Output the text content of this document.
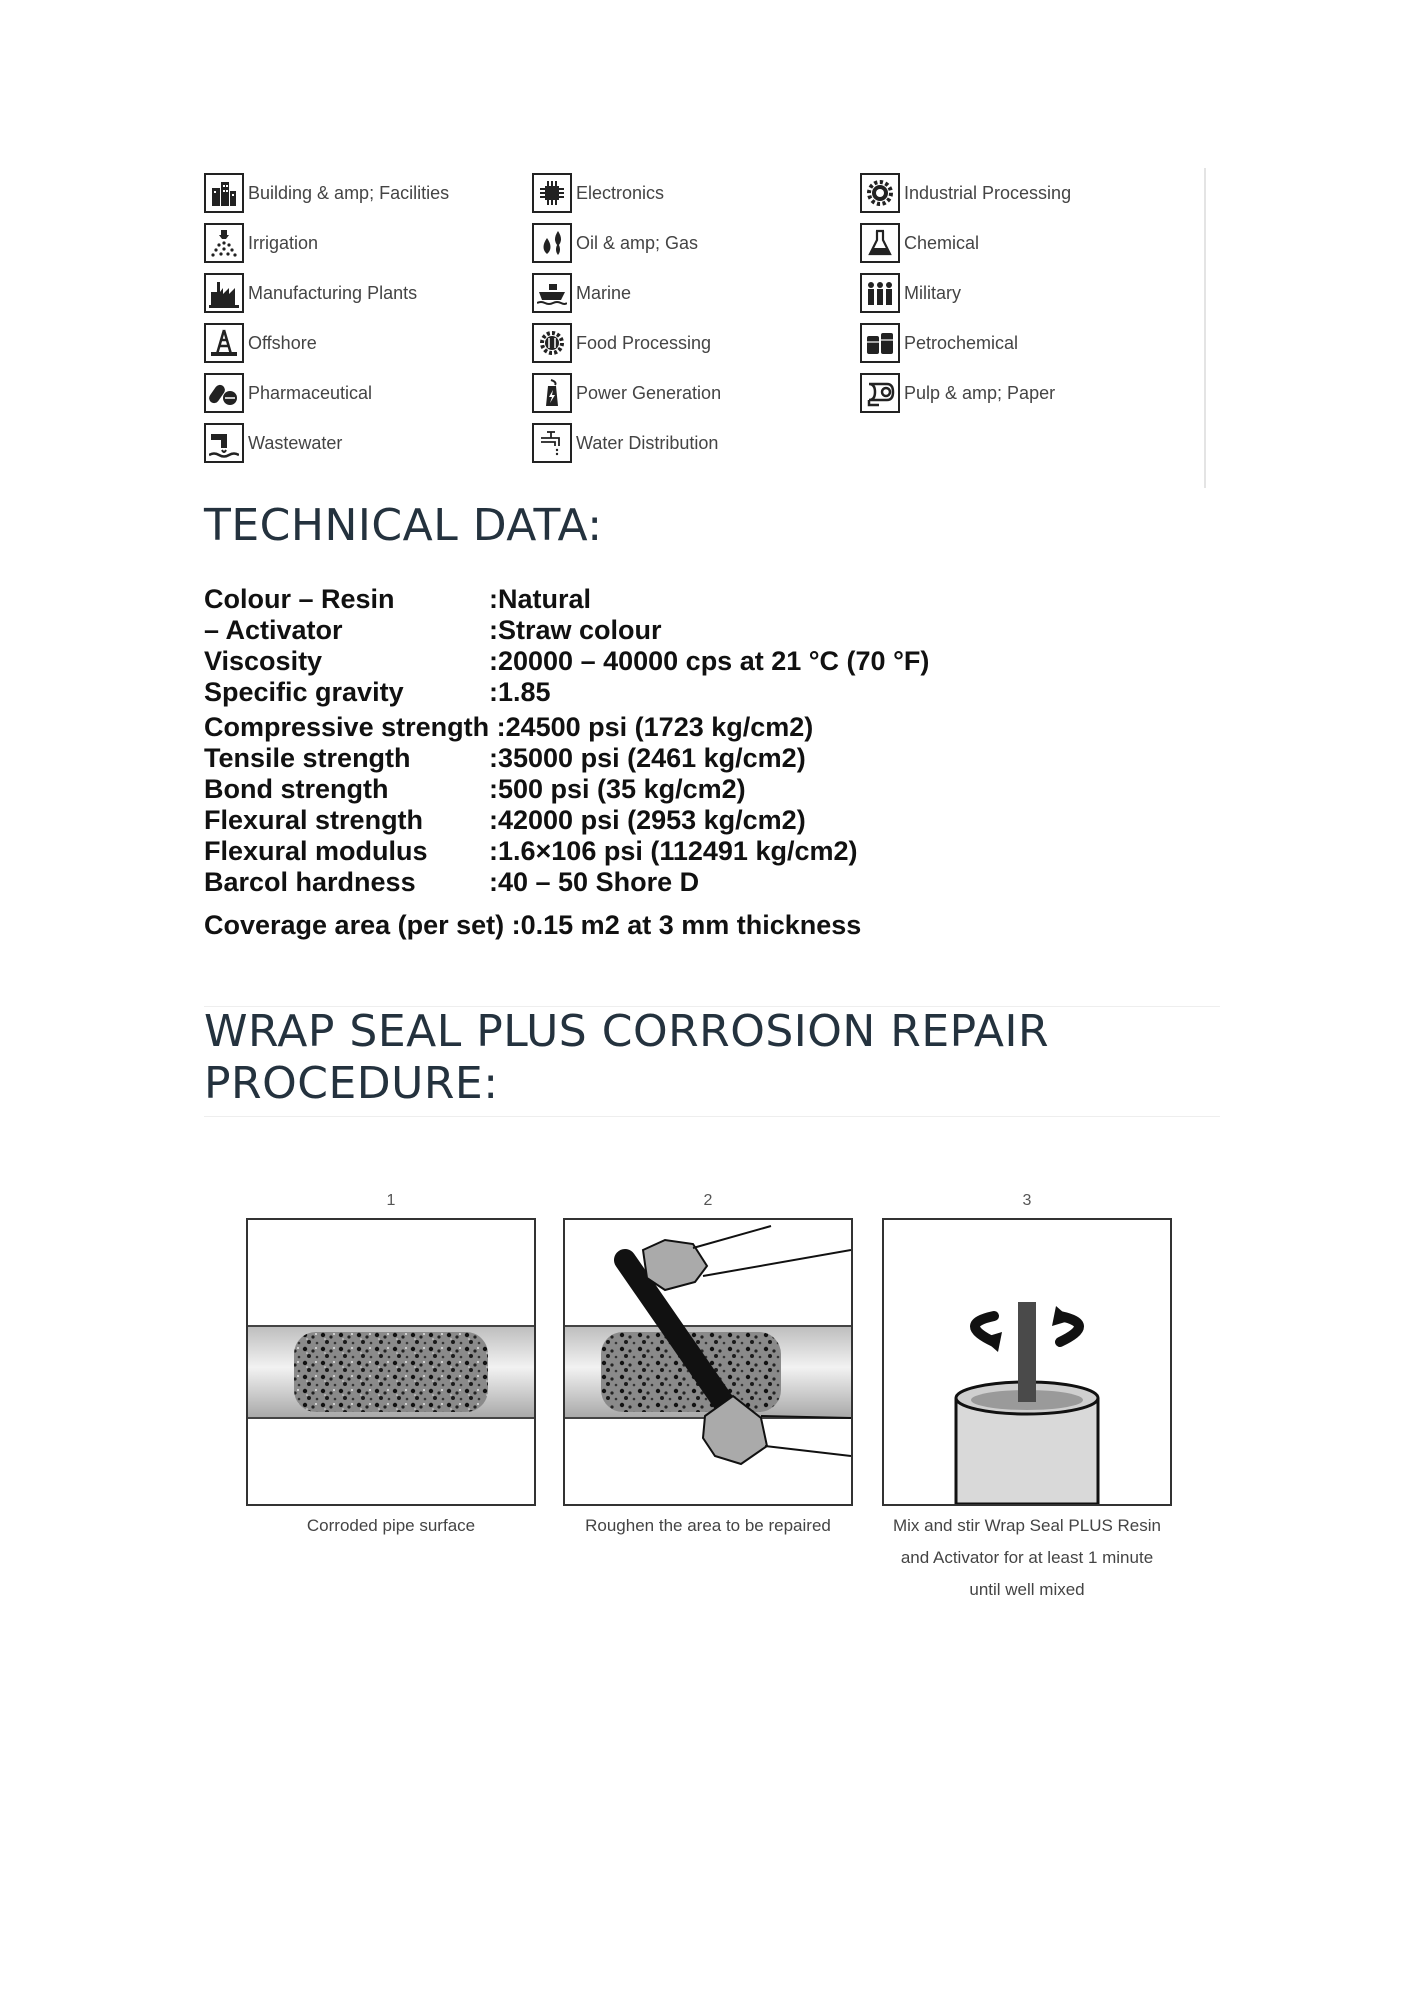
Building & amp; Facilities
Irrigation
Manufacturing Plants
Offshore
Pharmaceutical
Wastewater
Electronics
Oil & amp; Gas
Marine
Food Processing
Power Generation
Water Distribution
Industrial Processing
Chemical
Military
Petrochemical
Pulp & amp; Paper
TECHNICAL DATA:
Colour – Resin	:Natural
– Activator	:Straw colour
Viscosity	:20000 – 40000 cps at 21 °C (70 °F)
Specific gravity	:1.85
Compressive strength :24500 psi (1723 kg/cm2)
Tensile strength	:35000 psi (2461 kg/cm2)
Bond strength	:500 psi (35 kg/cm2)
Flexural strength	:42000 psi (2953 kg/cm2)
Flexural modulus	:1.6×106 psi (112491 kg/cm2)
Barcol hardness	:40 – 50 Shore D
Coverage area (per set) :0.15 m2 at 3 mm thickness
WRAP SEAL PLUS CORROSION REPAIR
PROCEDURE:
1
Corroded pipe surface
2
Roughen the area to be repaired
3
Mix and stir Wrap Seal PLUS Resin
and Activator for at least 1 minute
until well mixed
